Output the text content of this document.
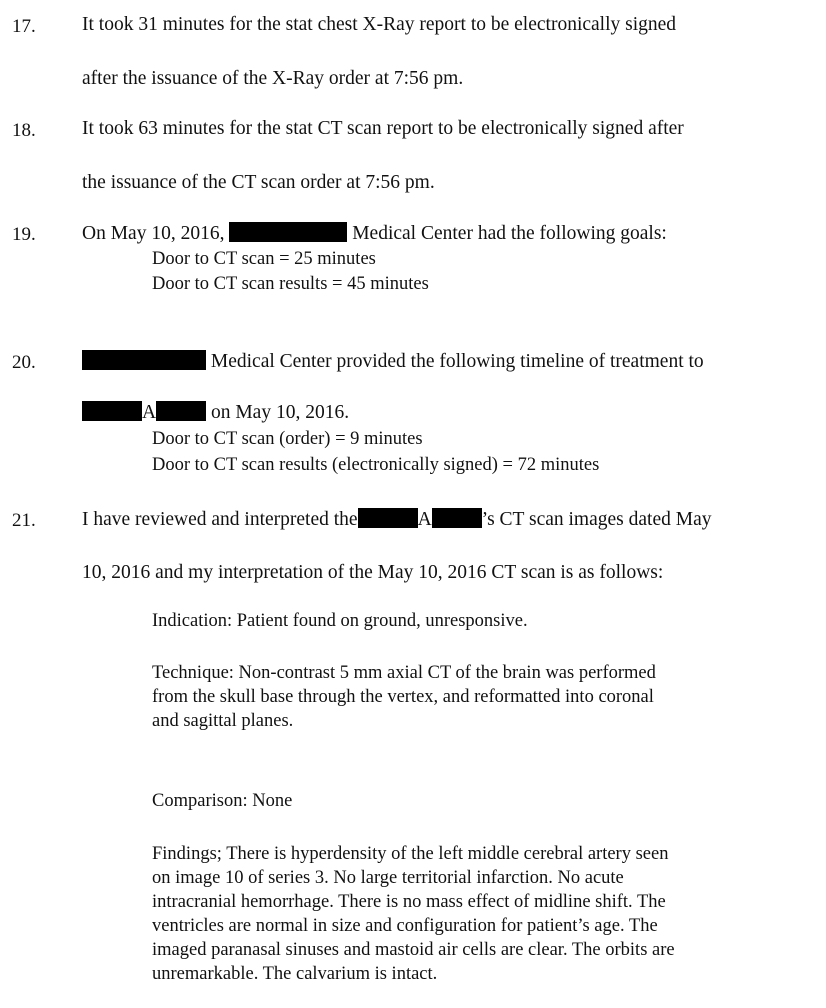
17. It took 31 minutes for the stat chest X-Ray report to be electronically signed
after the issuance of the X-Ray order at 7:56 pm.
18. It took 63 minutes for the stat CT scan report to be electronically signed after
the issuance of the CT scan order at 7:56 pm.
19. On May 10, 2016,	Medical Center had the following goals:
Door to CT scan = 25 minutes
Door to CT scan results = 45 minutes
20.	Medical Center provided the following timeline of treatment to
A	on May 10, 2016.
Door to CT scan (order) = 9 minutes
Door to CT scan results (electronically signed) = 72 minutes
21. I have reviewed and interpreted the	A	’s CT scan images dated May
10, 2016 and my interpretation of the May 10, 2016 CT scan is as follows:
Indication: Patient found on ground, unresponsive.
Technique: Non-contrast 5 mm axial CT of the brain was performed
from the skull base through the vertex, and reformatted into coronal
and sagittal planes.
Comparison: None
Findings; There is hyperdensity of the left middle cerebral artery seen
on image 10 of series 3. No large territorial infarction. No acute
intracranial hemorrhage. There is no mass effect of midline shift. The
ventricles are normal in size and configuration for patient’s age. The
imaged paranasal sinuses and mastoid air cells are clear. The orbits are
unremarkable. The calvarium is intact.
